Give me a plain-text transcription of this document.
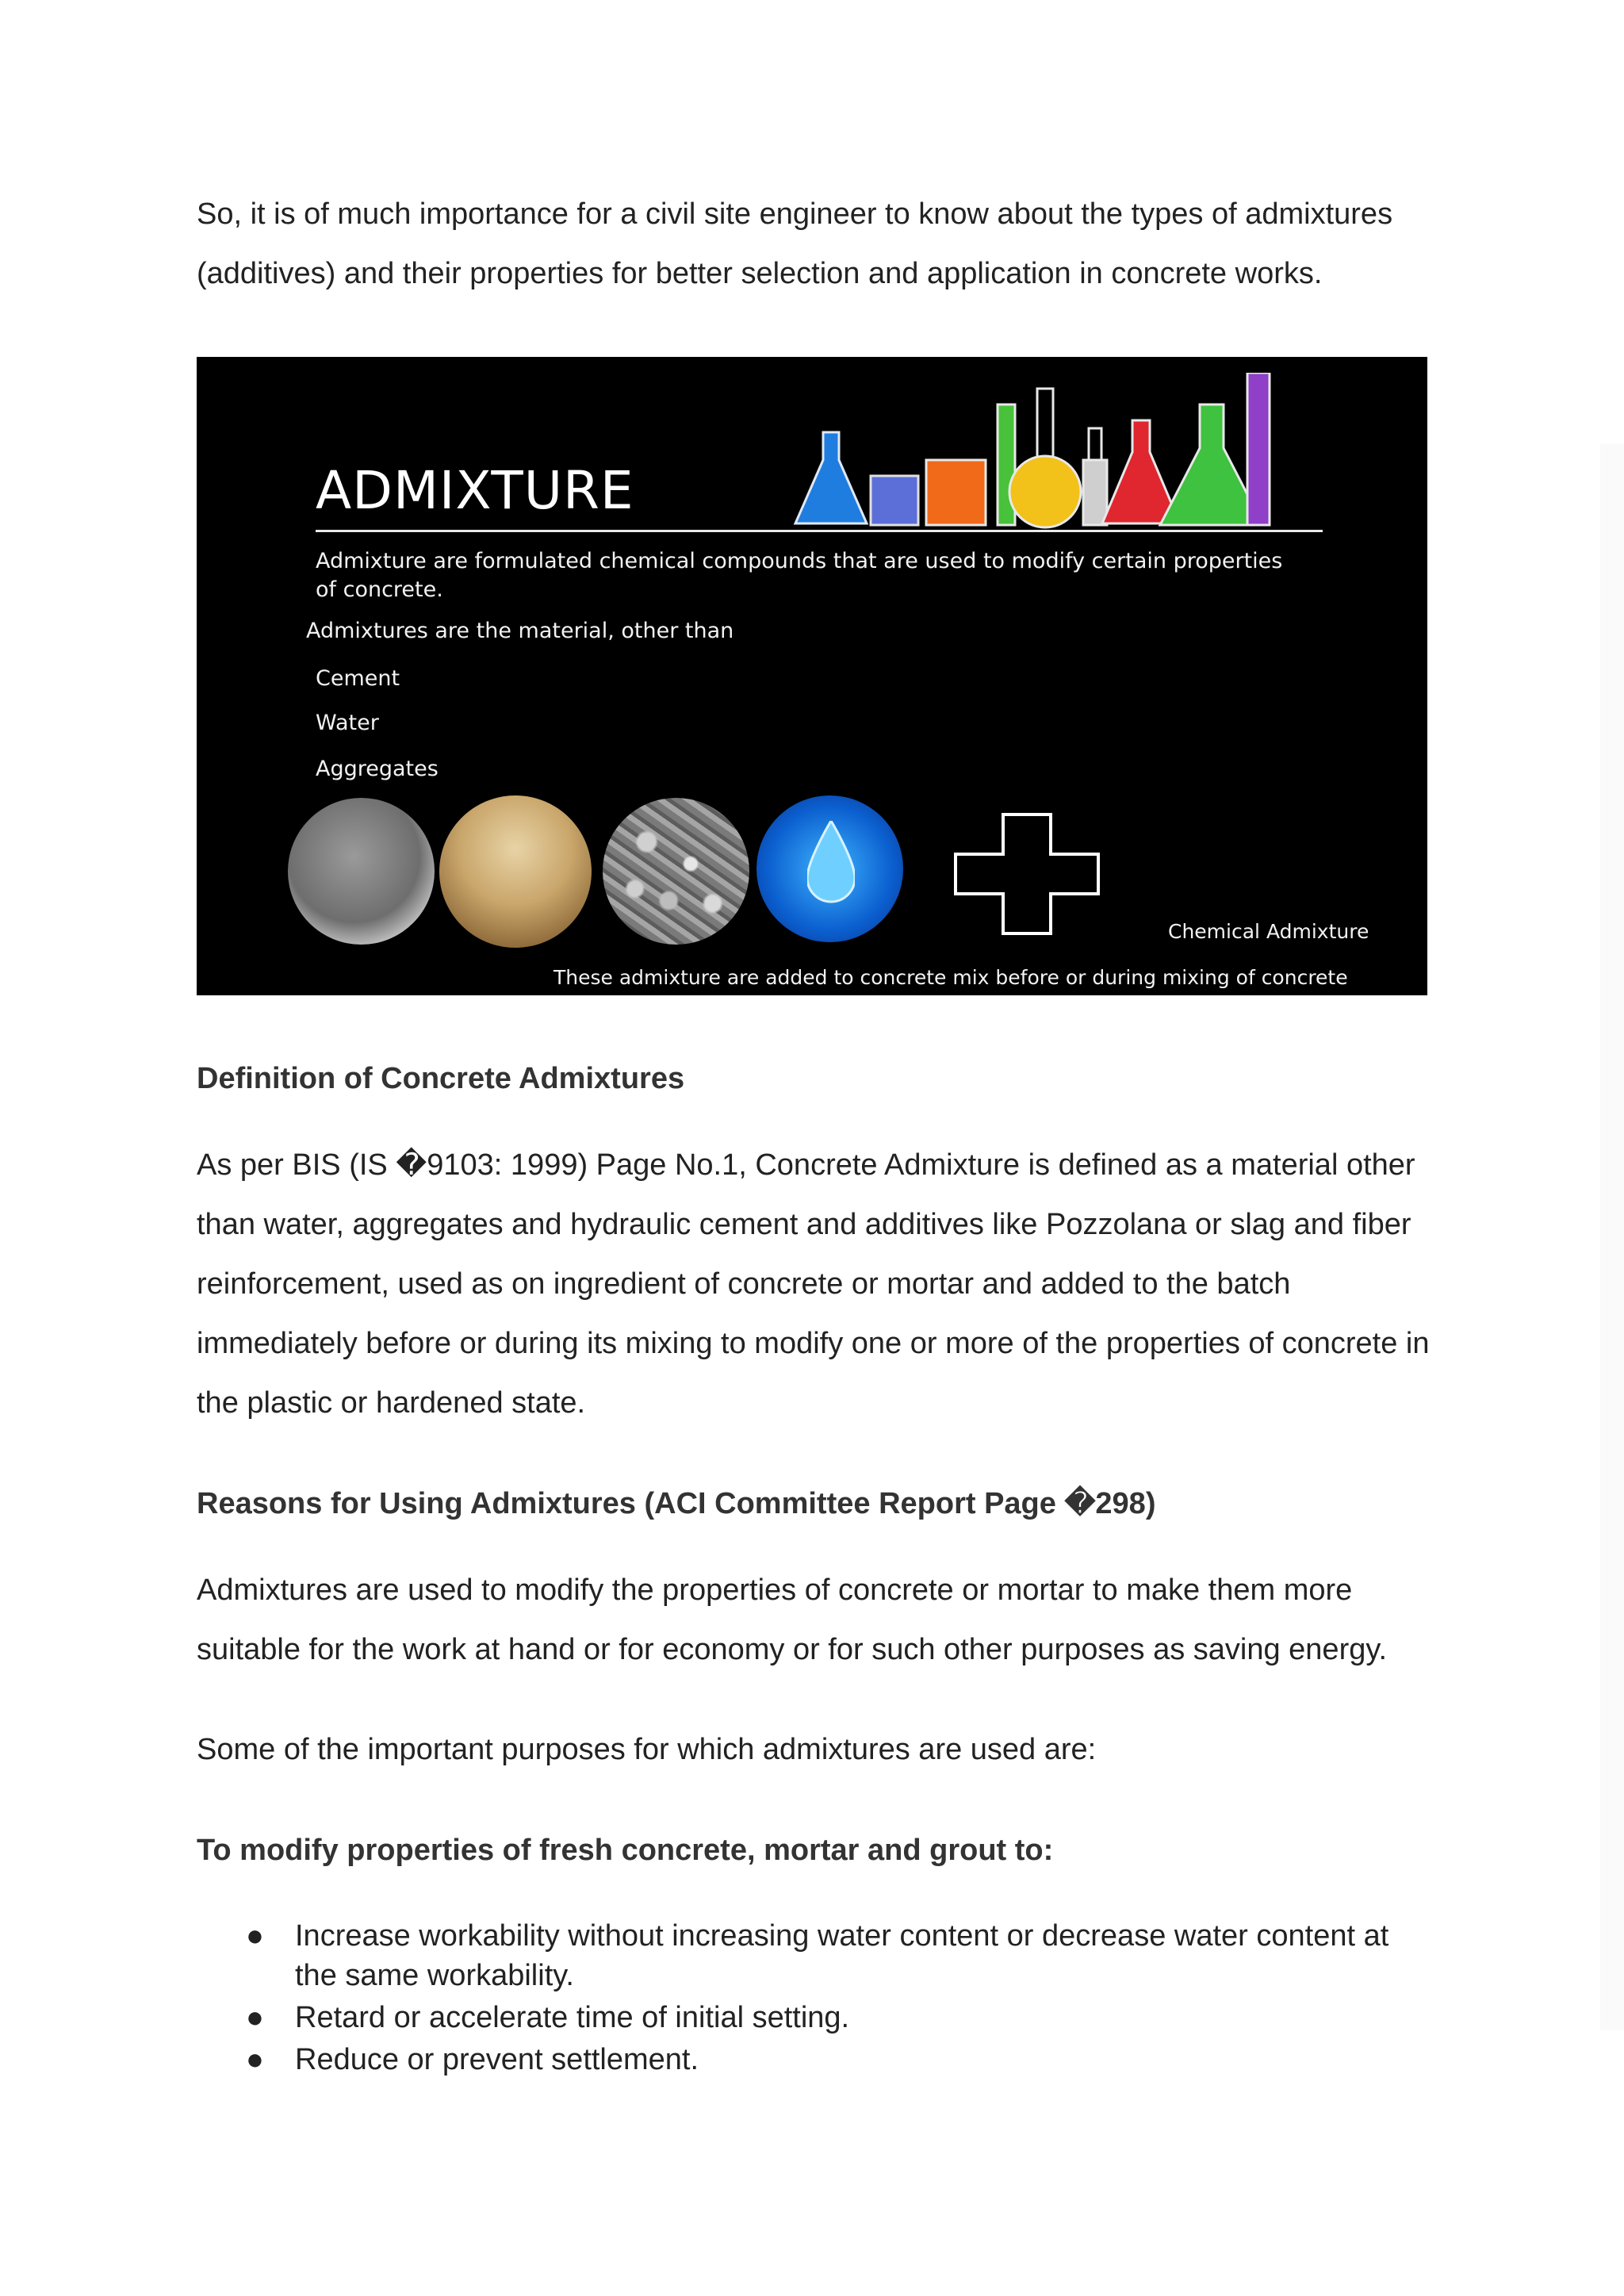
So, it is of much importance for a civil site engineer to know about the types of admixtures (additives) and their properties for better selection and application in concrete works.

ADMIXTURE
Admixture are formulated chemical compounds that are used to modify certain properties of concrete.
Admixtures are the material, other than
Cement
Water
Aggregates
Chemical Admixture
These admixture are added to concrete mix before or during mixing of concrete
Definition of Concrete Admixtures

As per BIS (IS �9103: 1999) Page No.1, Concrete Admixture is defined as a material other than water, aggregates and hydraulic cement and additives like Pozzolana or slag and fiber reinforcement, used as on ingredient of concrete or mortar and added to the batch immediately before or during its mixing to modify one or more of the properties of concrete in the plastic or hardened state.

Reasons for Using Admixtures (ACI Committee Report Page �298)

Admixtures are used to modify the properties of concrete or mortar to make them more suitable for the work at hand or for economy or for such other purposes as saving energy.

Some of the important purposes for which admixtures are used are:

To modify properties of fresh concrete, mortar and grout to:
● Increase workability without increasing water content or decrease water content at the same workability.
● Retard or accelerate time of initial setting.
● Reduce or prevent settlement.
